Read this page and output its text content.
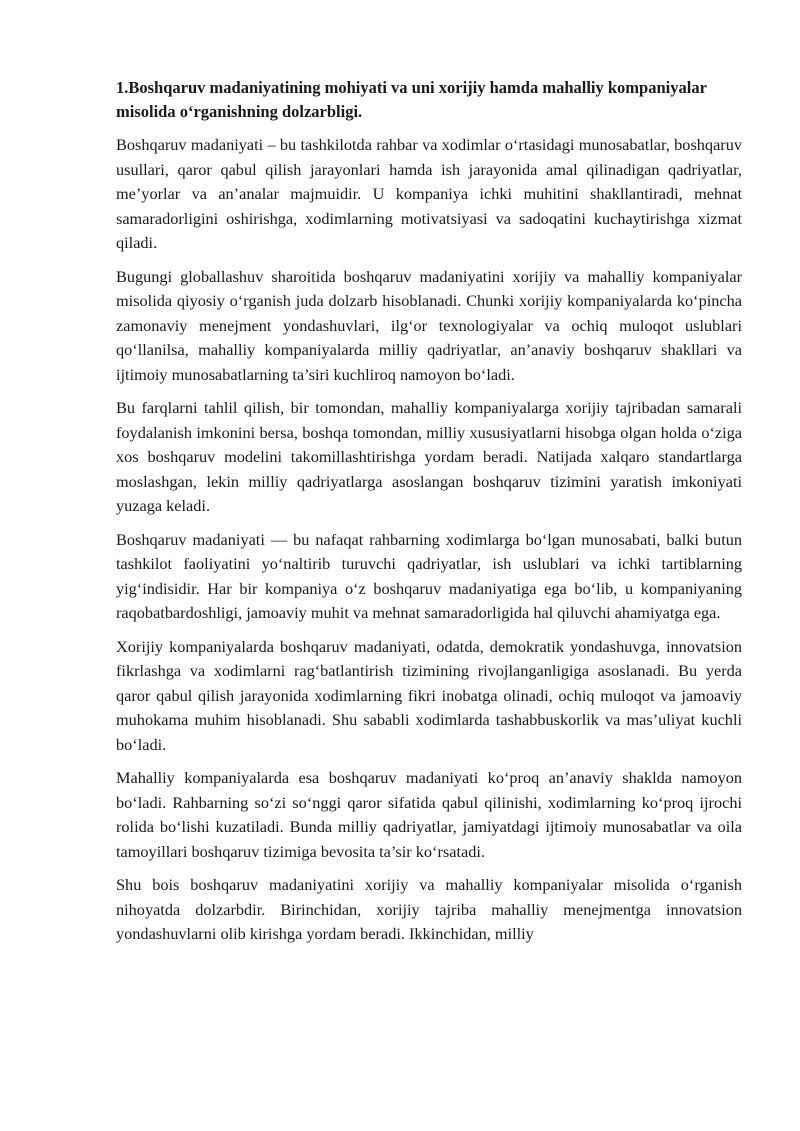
1.Boshqaruv madaniyatining mohiyati va uni xorijiy hamda mahalliy kompaniyalar misolida o‘rganishning dolzarbligi.

Boshqaruv madaniyati – bu tashkilotda rahbar va xodimlar o‘rtasidagi munosabatlar, boshqaruv usullari, qaror qabul qilish jarayonlari hamda ish jarayonida amal qilinadigan qadriyatlar, me’yorlar va an’analar majmuidir. U kompaniya ichki muhitini shakllantiradi, mehnat samaradorligini oshirishga, xodimlarning motivatsiyasi va sadoqatini kuchaytirishga xizmat qiladi.

Bugungi globallashuv sharoitida boshqaruv madaniyatini xorijiy va mahalliy kompaniyalar misolida qiyosiy o‘rganish juda dolzarb hisoblanadi. Chunki xorijiy kompaniyalarda ko‘pincha zamonaviy menejment yondashuvlari, ilg‘or texnologiyalar va ochiq muloqot uslublari qo‘llanilsa, mahalliy kompaniyalarda milliy qadriyatlar, an’anaviy boshqaruv shakllari va ijtimoiy munosabatlarning ta’siri kuchliroq namoyon bo‘ladi.

Bu farqlarni tahlil qilish, bir tomondan, mahalliy kompaniyalarga xorijiy tajribadan samarali foydalanish imkonini bersa, boshqa tomondan, milliy xususiyatlarni hisobga olgan holda o‘ziga xos boshqaruv modelini takomillashtirishga yordam beradi. Natijada xalqaro standartlarga moslashgan, lekin milliy qadriyatlarga asoslangan boshqaruv tizimini yaratish imkoniyati yuzaga keladi.

Boshqaruv madaniyati — bu nafaqat rahbarning xodimlarga bo‘lgan munosabati, balki butun tashkilot faoliyatini yo‘naltirib turuvchi qadriyatlar, ish uslublari va ichki tartiblarning yig‘indisidir. Har bir kompaniya o‘z boshqaruv madaniyatiga ega bo‘lib, u kompaniyaning raqobatbardoshligi, jamoaviy muhit va mehnat samaradorligida hal qiluvchi ahamiyatga ega.

Xorijiy kompaniyalarda boshqaruv madaniyati, odatda, demokratik yondashuvga, innovatsion fikrlashga va xodimlarni rag‘batlantirish tizimining rivojlanganligiga asoslanadi. Bu yerda qaror qabul qilish jarayonida xodimlarning fikri inobatga olinadi, ochiq muloqot va jamoaviy muhokama muhim hisoblanadi. Shu sababli xodimlarda tashabbuskorlik va mas’uliyat kuchli bo‘ladi.

Mahalliy kompaniyalarda esa boshqaruv madaniyati ko‘proq an’anaviy shaklda namoyon bo‘ladi. Rahbarning so‘zi so‘nggi qaror sifatida qabul qilinishi, xodimlarning ko‘proq ijrochi rolida bo‘lishi kuzatiladi. Bunda milliy qadriyatlar, jamiyatdagi ijtimoiy munosabatlar va oila tamoyillari boshqaruv tizimiga bevosita ta’sir ko‘rsatadi.

Shu bois boshqaruv madaniyatini xorijiy va mahalliy kompaniyalar misolida o‘rganish nihoyatda dolzarbdir. Birinchidan, xorijiy tajriba mahalliy menejmentga innovatsion yondashuvlarni olib kirishga yordam beradi. Ikkinchidan, milliy
